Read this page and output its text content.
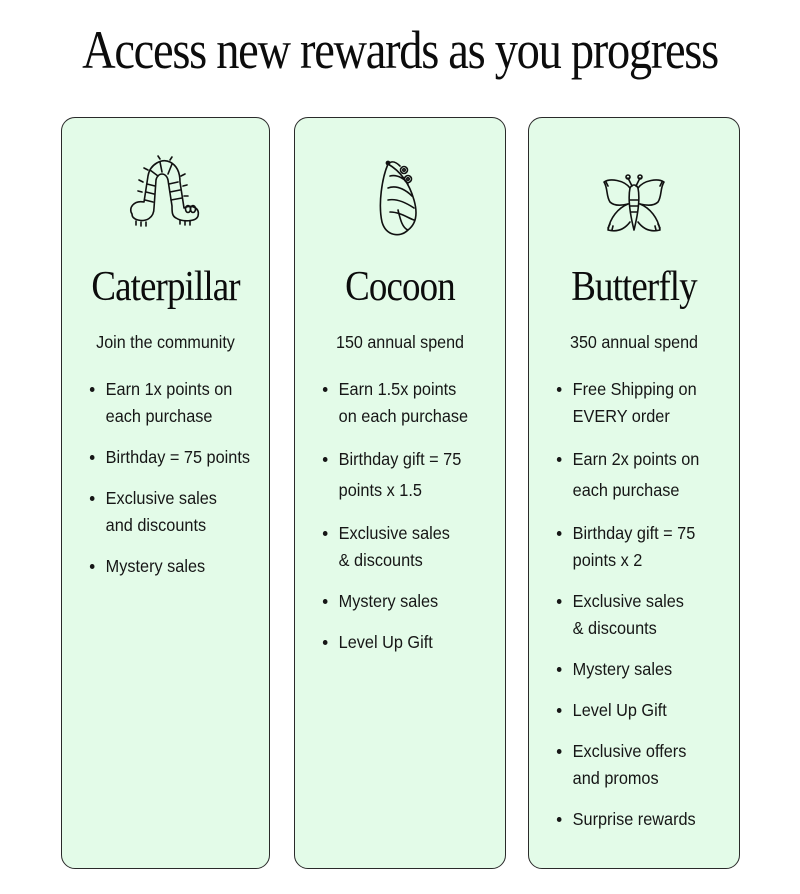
Access new rewards as you progress
Caterpillar
Join the community
Earn 1x points on each purchase
Birthday = 75 points
Exclusive sales and discounts
Mystery sales
Cocoon
150 annual spend
Earn 1.5x points on each purchase
Birthday gift = 75 points x 1.5
Exclusive sales & discounts
Mystery sales
Level Up Gift
Butterfly
350 annual spend
Free Shipping on EVERY order
Earn 2x points on each purchase
Birthday gift = 75 points x 2
Exclusive sales & discounts
Mystery sales
Level Up Gift
Exclusive offers and promos
Surprise rewards
